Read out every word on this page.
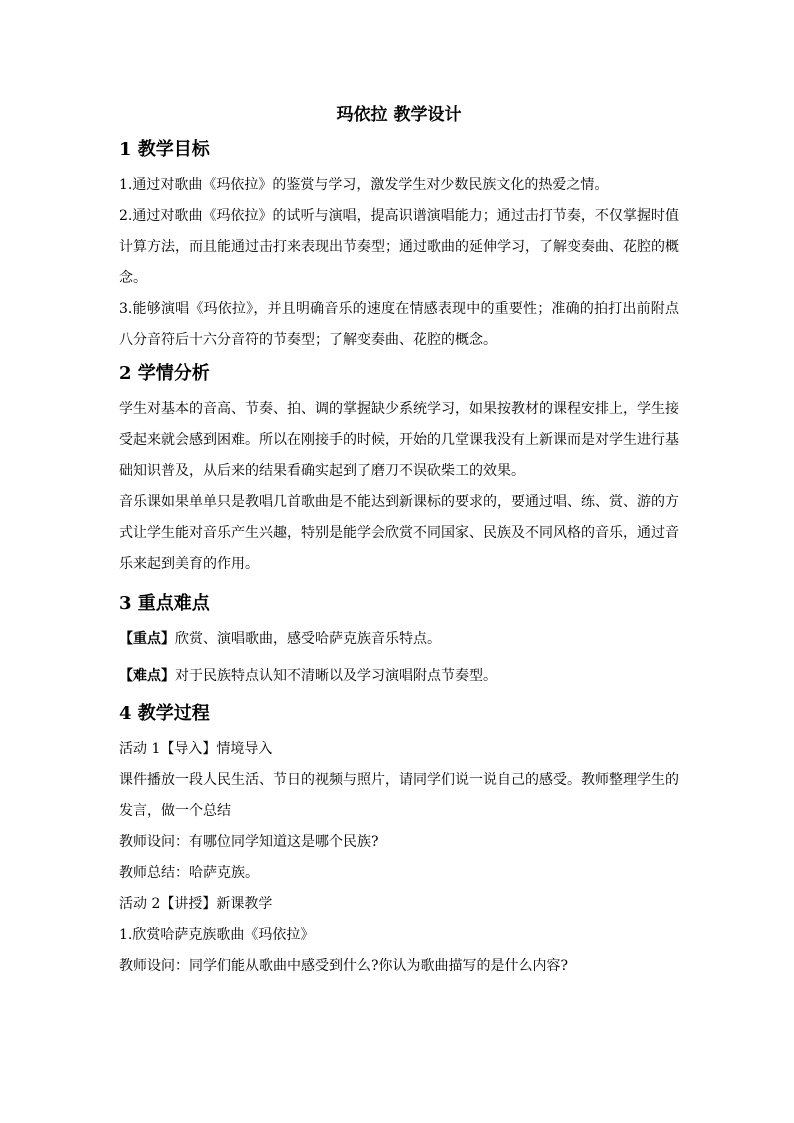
玛依拉 教学设计
1 教学目标

1.通过对歌曲《玛依拉》的鉴赏与学习，激发学生对少数民族文化的热爱之情。

2.通过对歌曲《玛依拉》的试听与演唱，提高识谱演唱能力；通过击打节奏，不仅掌握时值计算方法，而且能通过击打来表现出节奏型；通过歌曲的延伸学习，了解变奏曲、花腔的概念。

3.能够演唱《玛依拉》，并且明确音乐的速度在情感表现中的重要性；准确的拍打出前附点八分音符后十六分音符的节奏型；了解变奏曲、花腔的概念。

2 学情分析

学生对基本的音高、节奏、拍、调的掌握缺少系统学习，如果按教材的课程安排上，学生接受起来就会感到困难。所以在刚接手的时候，开始的几堂课我没有上新课而是对学生进行基础知识普及，从后来的结果看确实起到了磨刀不误砍柴工的效果。

音乐课如果单单只是教唱几首歌曲是不能达到新课标的要求的，要通过唱、练、赏、游的方式让学生能对音乐产生兴趣，特别是能学会欣赏不同国家、民族及不同风格的音乐，通过音乐来起到美育的作用。

3 重点难点

【重点】欣赏、演唱歌曲，感受哈萨克族音乐特点。

【难点】对于民族特点认知不清晰以及学习演唱附点节奏型。

4 教学过程

活动 1【导入】情境导入

课件播放一段人民生活、节日的视频与照片，请同学们说一说自己的感受。教师整理学生的发言，做一个总结

教师设问：有哪位同学知道这是哪个民族?

教师总结：哈萨克族。

活动 2【讲授】新课教学

1.欣赏哈萨克族歌曲《玛依拉》

教师设问：同学们能从歌曲中感受到什么?你认为歌曲描写的是什么内容?
